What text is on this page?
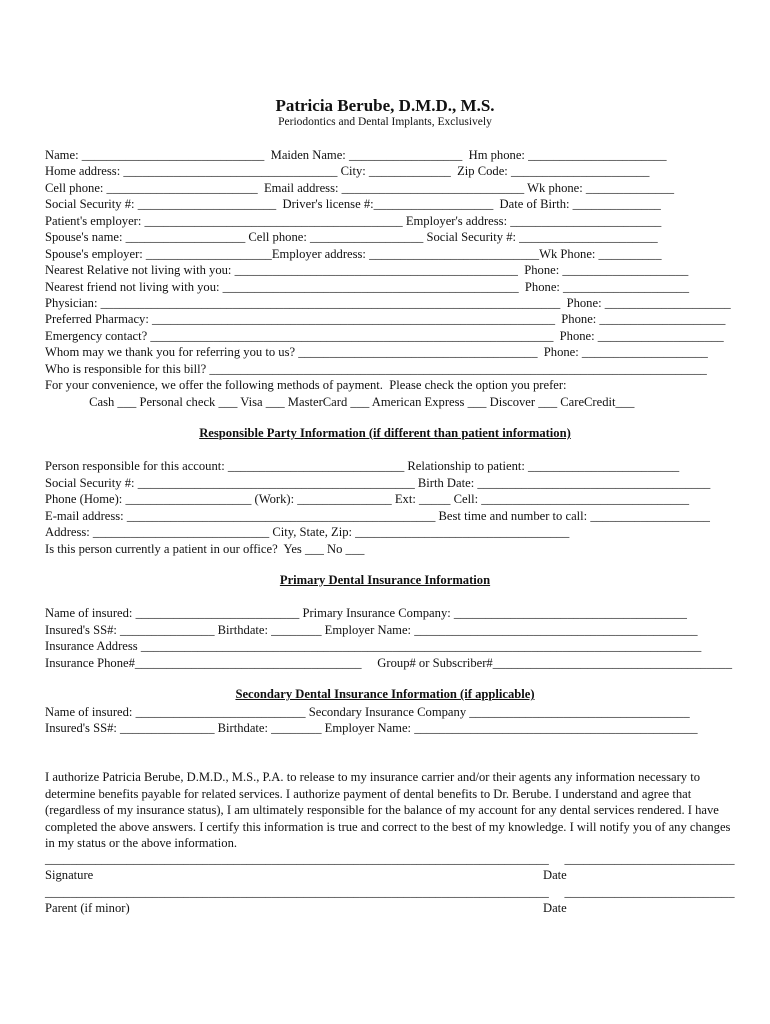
Patricia Berube, D.M.D., M.S.
Periodontics and Dental Implants, Exclusively
Name: _____________________________  Maiden Name: __________________  Hm phone: ______________________
Home address: __________________________________ City: _____________  Zip Code: ______________________
Cell phone: ________________________  Email address: _____________________________ Wk phone: ______________
Social Security #: ______________________  Driver's license #:___________________  Date of Birth: ______________
Patient's employer: _________________________________________ Employer's address: ________________________
Spouse's name: ___________________ Cell phone: __________________ Social Security #: ______________________
Spouse's employer: ____________________Employer address: ___________________________Wk Phone: __________
Nearest Relative not living with you: _____________________________________________  Phone: ____________________
Nearest friend not living with you: _______________________________________________  Phone: ____________________
Physician: _________________________________________________________________________  Phone: ____________________
Preferred Pharmacy: ________________________________________________________________  Phone: ____________________
Emergency contact? ________________________________________________________________  Phone: ____________________
Whom may we thank you for referring you to us? ______________________________________  Phone: ____________________
Who is responsible for this bill? _______________________________________________________________________________
For your convenience, we offer the following methods of payment.  Please check the option you prefer:
Cash ___ Personal check ___ Visa ___ MasterCard ___ American Express ___ Discover ___ CareCredit___
Responsible Party Information (if different than patient information)
Person responsible for this account: ____________________________ Relationship to patient: ________________________
Social Security #: ____________________________________________ Birth Date: _____________________________________
Phone (Home): ____________________ (Work): _______________ Ext: _____ Cell: _________________________________
E-mail address: _________________________________________________ Best time and number to call: ___________________
Address: ____________________________ City, State, Zip: __________________________________
Is this person currently a patient in our office?  Yes ___ No ___
Primary Dental Insurance Information
Name of insured: __________________________ Primary Insurance Company: _____________________________________
Insured's SS#: _______________ Birthdate: ________ Employer Name: _____________________________________________
Insurance Address _________________________________________________________________________________________
Insurance Phone#____________________________________     Group# or Subscriber#______________________________________
Secondary Dental Insurance Information (if applicable)
Name of insured: ___________________________ Secondary Insurance Company ___________________________________
Insured's SS#: _______________ Birthdate: ________ Employer Name: _____________________________________________
I authorize Patricia Berube, D.M.D., M.S., P.A. to release to my insurance carrier and/or their agents any information necessary to determine benefits payable for related services. I authorize payment of dental benefits to Dr. Berube. I understand and agree that (regardless of my insurance status), I am ultimately responsible for the balance of my account for any dental services rendered. I have completed the above answers. I certify this information is true and correct to the best of my knowledge. I will notify you of any changes in my status or the above information.
________________________________________________________________________________     ___________________________
Signature	Date
________________________________________________________________________________     ___________________________
Parent (if minor)	Date
